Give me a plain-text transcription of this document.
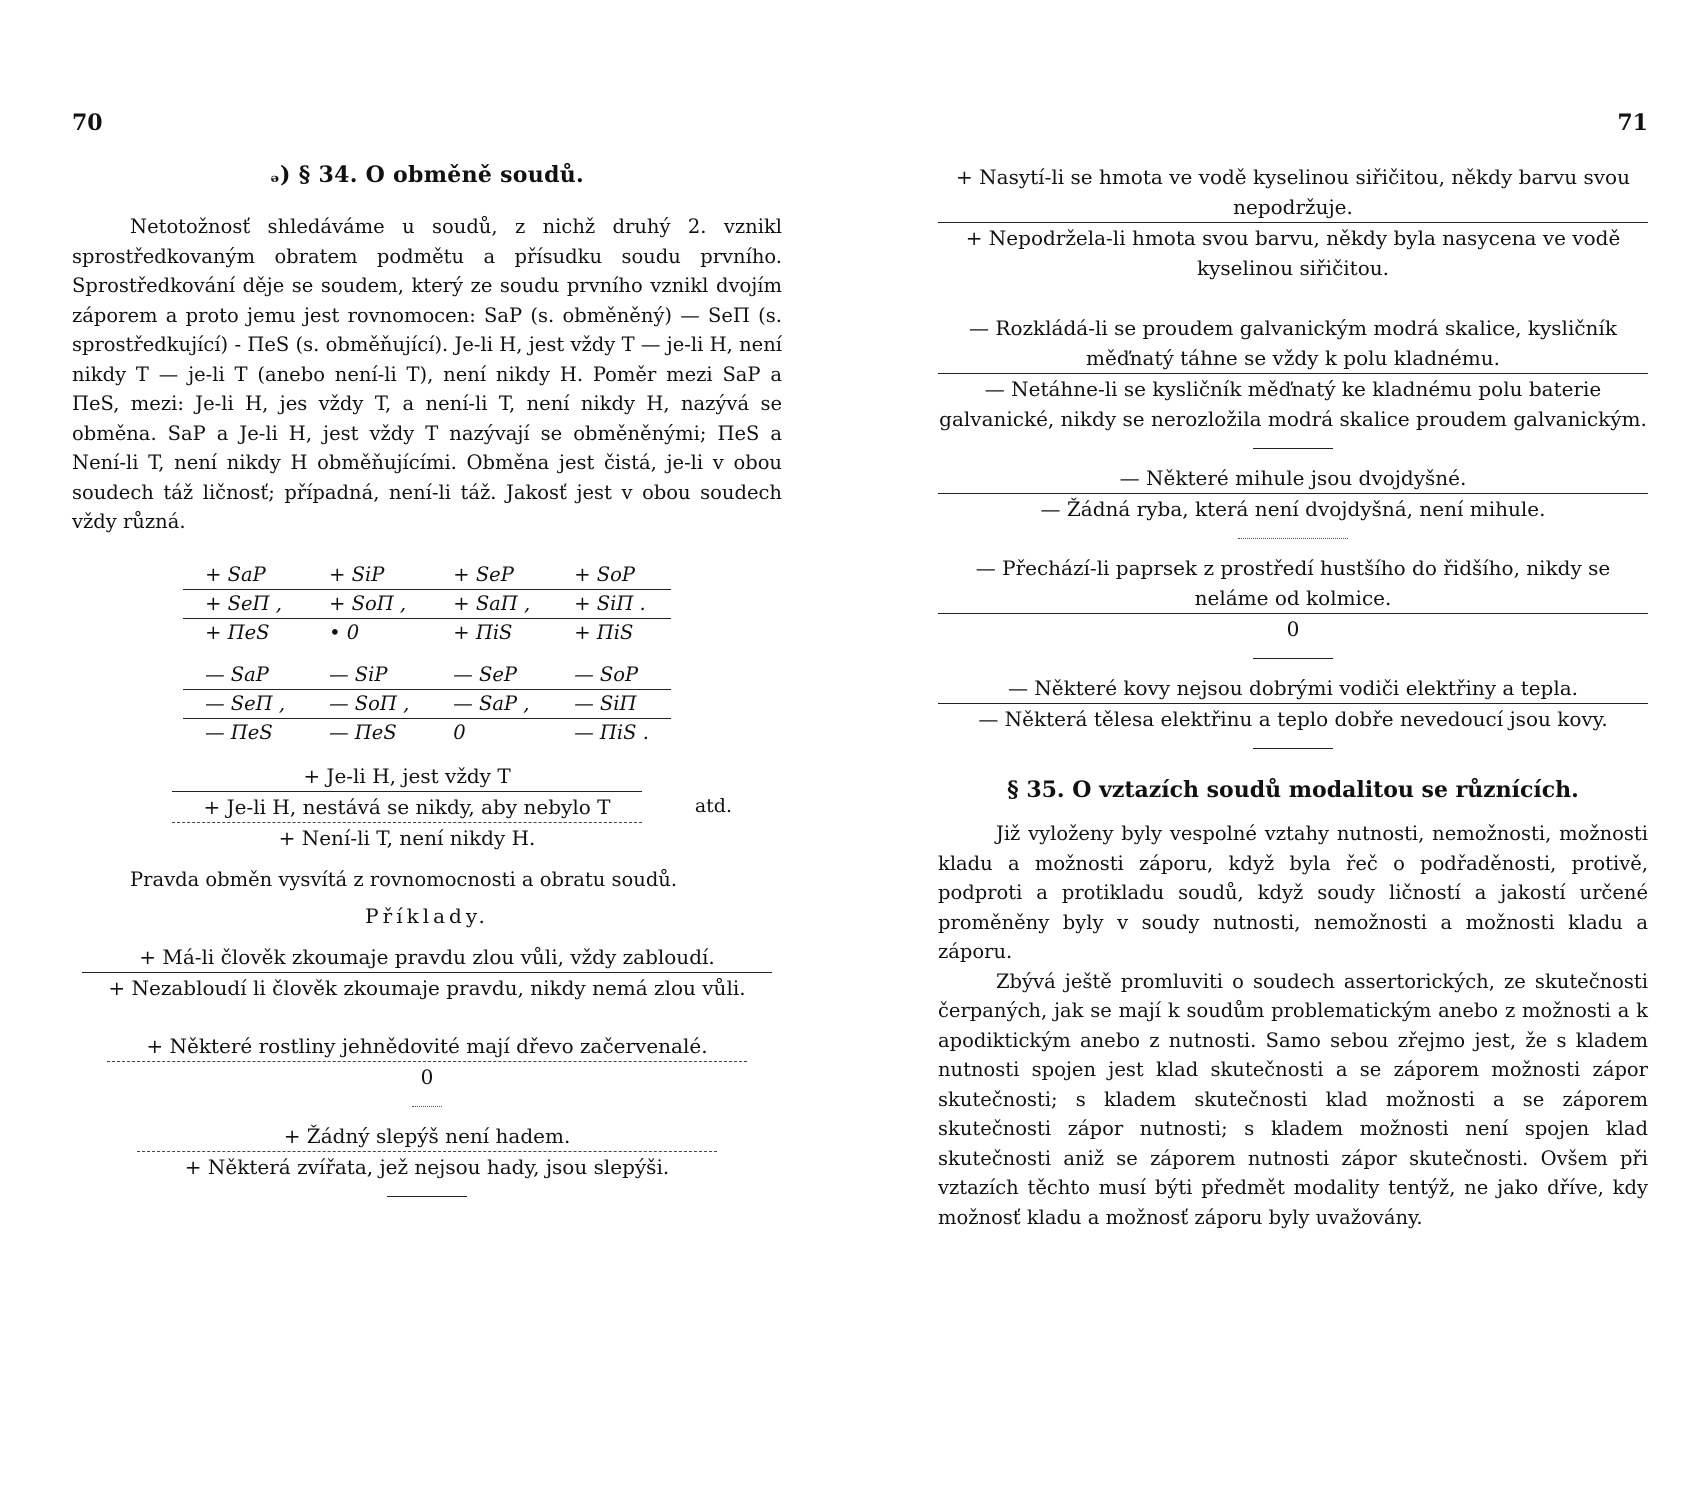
70
ₔ) § 34. O obměně soudů.

Netotožnosť shledáváme u soudů, z nichž druhý 2. vznikl sprostředkovaným obratem podmětu a přísudku soudu prvního. Sprostředkování děje se soudem, který ze soudu prvního vznikl dvojím záporem a proto jemu jest rovnomocen: SaP (s. obměněný) — SeП (s. sprostředkující) - ПeS (s. obměňující). Je-li H, jest vždy T — je-li H, není nikdy T — je-li T (anebo není-li T), není nikdy H. Poměr mezi SaP a ПeS, mezi: Je-li H, jes vždy T, a není-li T, není nikdy H, nazývá se obměna. SaP a Je-li H, jest vždy T nazývají se obměněnými; ПeS a Není-li T, není nikdy H obměňujícími. Obměna jest čistá, je-li v obou soudech táž ličnosť; případná, není-li táž. Jakosť jest v obou soudech vždy různá.

+ SaP	+ SiP	+ SeP	+ SoP
+ SeП ,	+ SoП ,	+ SaП ,	+ SiП .
+ ПeS	• 0	+ ПiS	+ ПiS

— SaP	— SiP	— SeP	— SoP
— SeП ,	— SoП ,	— SaP ,	— SiП
— ПeS	— ПeS	0	— ПiS .
+ Je-li H, jest vždy T
+ Je-li H, nestává se nikdy, aby nebylo T
+ Není-li T, není nikdy H.
atd.

Pravda obměn vysvítá z rovnomocnosti a obratu soudů.

Příklady.
+ Má-li člověk zkoumaje pravdu zlou vůli, vždy zabloudí.
+ Nezabloudí li člověk zkoumaje pravdu, nikdy nemá zlou vůli.
+ Některé rostliny jehnědovité mají dřevo začervenalé.
0
+ Žádný slepýš není hadem.
+ Některá zvířata, jež nejsou hady, jsou slepýši.
71
+ Nasytí-li se hmota ve vodě kyselinou siřičitou, někdy barvu svou nepodržuje.
+ Nepodržela-li hmota svou barvu, někdy byla nasycena ve vodě kyselinou siřičitou.
— Rozkládá-li se proudem galvanickým modrá skalice, kysličník měďnatý táhne se vždy k polu kladnému.
— Netáhne-li se kysličník měďnatý ke kladnému polu baterie galvanické, nikdy se nerozložila modrá skalice proudem galvanickým.
— Některé mihule jsou dvojdyšné.
— Žádná ryba, která není dvojdyšná, není mihule.
— Přechází-li paprsek z prostředí hustšího do řidšího, nikdy se neláme od kolmice.
0
— Některé kovy nejsou dobrými vodiči elektřiny a tepla.
— Některá tělesa elektřinu a teplo dobře nevedoucí jsou kovy.
§ 35. O vztazích soudů modalitou se různících.

Již vyloženy byly vespolné vztahy nutnosti, nemožnosti, možnosti kladu a možnosti záporu, když byla řeč o podřaděnosti, protivě, podproti a protikladu soudů, když soudy ličností a jakostí určené proměněny byly v soudy nutnosti, nemožnosti a možnosti kladu a záporu.

Zbývá ještě promluviti o soudech assertorických, ze skutečnosti čerpaných, jak se mají k soudům problematickým anebo z možnosti a k apodiktickým anebo z nutnosti. Samo sebou zřejmo jest, že s kladem nutnosti spojen jest klad skutečnosti a se záporem možnosti zápor skutečnosti; s kladem skutečnosti klad možnosti a se záporem skutečnosti zápor nutnosti; s kladem možnosti není spojen klad skutečnosti aniž se záporem nutnosti zápor skutečnosti. Ovšem při vztazích těchto musí býti předmět modality tentýž, ne jako dříve, kdy možnosť kladu a možnosť záporu byly uvažovány.
